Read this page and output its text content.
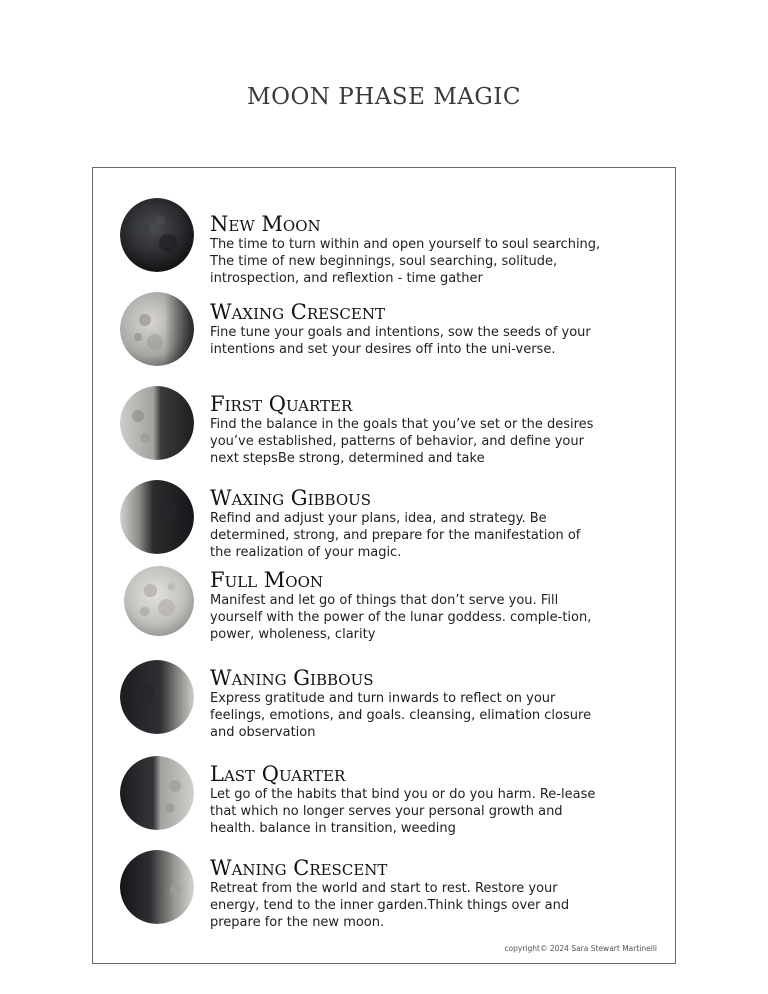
MOON PHASE MAGIC
New Moon
The time to turn within and open yourself to soul searching, The time of new beginnings, soul searching, solitude, introspection, and reflextion - time gather
Waxing Crescent
Fine tune your goals and intentions, sow the seeds of your intentions and set your desires off into the uni-verse.
First Quarter
Find the balance in the goals that you’ve set or the desires you’ve established, patterns of behavior, and define your next stepsBe strong, determined and take
Waxing Gibbous
Refind and adjust your plans, idea, and strategy. Be determined, strong, and prepare for the manifestation of the realization of your magic.
Full Moon
Manifest and let go of things that don’t serve you. Fill yourself with the power of the lunar goddess. comple-tion, power, wholeness, clarity
Waning Gibbous
Express gratitude and turn inwards to reflect on your feelings, emotions, and goals. cleansing, elimation closure and observation
Last Quarter
Let go of the habits that bind you or do you harm. Re-lease that which no longer serves your personal growth and health. balance in transition, weeding
Waning Crescent
Retreat from the world and start to rest. Restore your energy, tend to the inner garden.Think things over and prepare for the new moon.
copyright© 2024 Sara Stewart Martinelli
